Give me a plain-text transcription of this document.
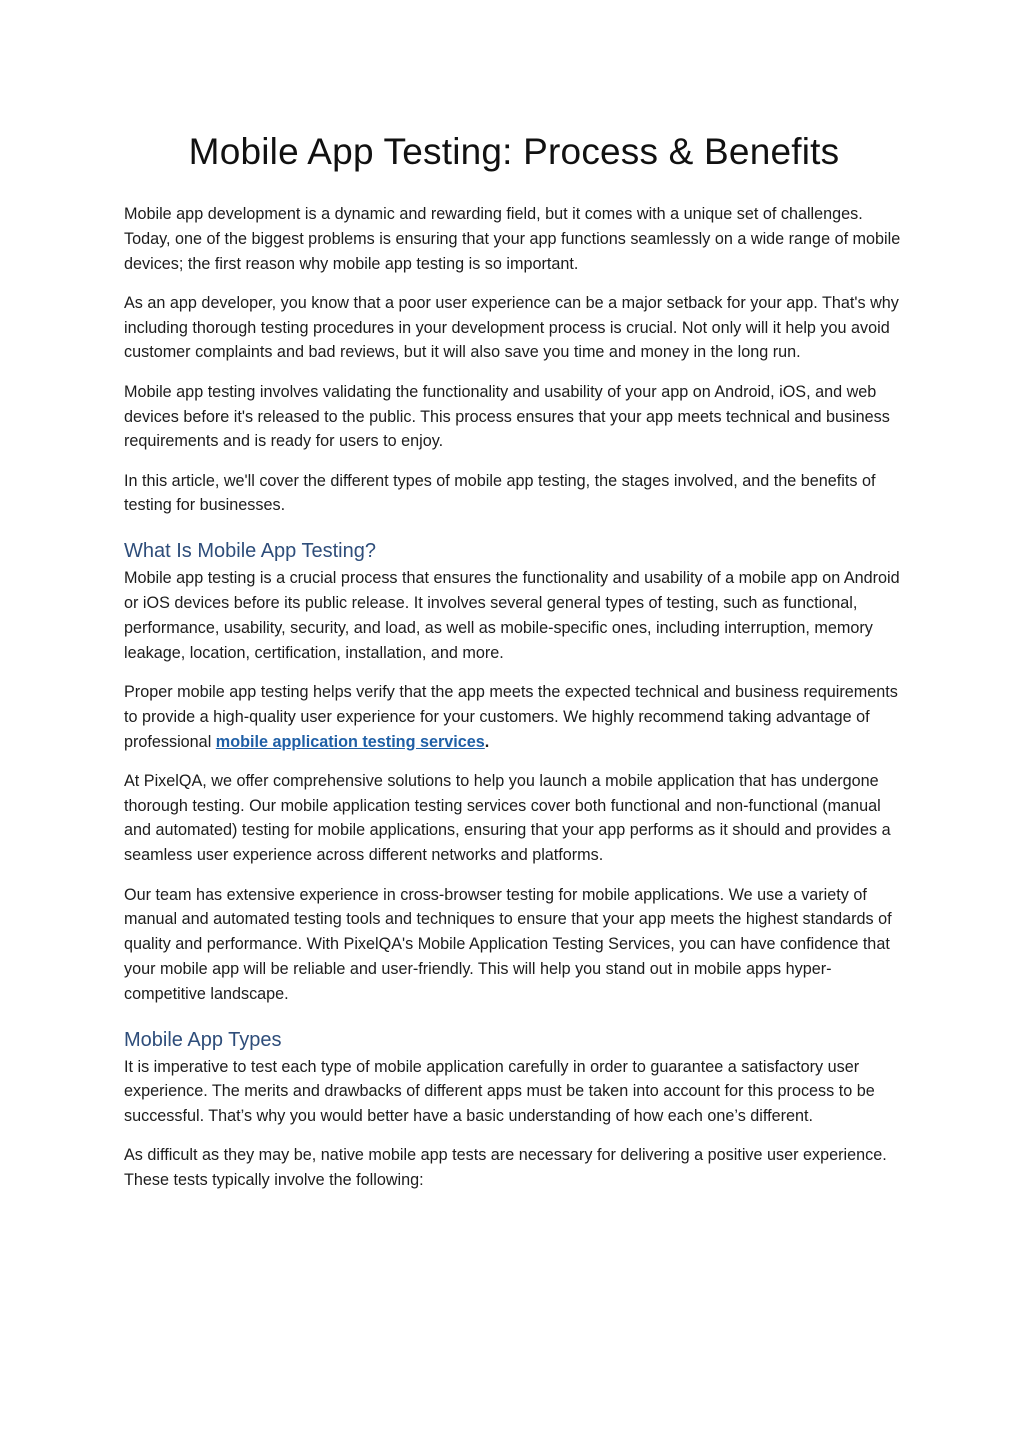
Mobile App Testing: Process & Benefits

Mobile app development is a dynamic and rewarding field, but it comes with a unique set of challenges. Today, one of the biggest problems is ensuring that your app functions seamlessly on a wide range of mobile devices; the first reason why mobile app testing is so important.

As an app developer, you know that a poor user experience can be a major setback for your app. That's why including thorough testing procedures in your development process is crucial. Not only will it help you avoid customer complaints and bad reviews, but it will also save you time and money in the long run.

Mobile app testing involves validating the functionality and usability of your app on Android, iOS, and web devices before it's released to the public. This process ensures that your app meets technical and business requirements and is ready for users to enjoy.

In this article, we'll cover the different types of mobile app testing, the stages involved, and the benefits of testing for businesses.

What Is Mobile App Testing?

Mobile app testing is a crucial process that ensures the functionality and usability of a mobile app on Android or iOS devices before its public release. It involves several general types of testing, such as functional, performance, usability, security, and load, as well as mobile-specific ones, including interruption, memory leakage, location, certification, installation, and more.

Proper mobile app testing helps verify that the app meets the expected technical and business requirements to provide a high-quality user experience for your customers. We highly recommend taking advantage of professional mobile application testing services.

At PixelQA, we offer comprehensive solutions to help you launch a mobile application that has undergone thorough testing. Our mobile application testing services cover both functional and non-functional (manual and automated) testing for mobile applications, ensuring that your app performs as it should and provides a seamless user experience across different networks and platforms.

Our team has extensive experience in cross-browser testing for mobile applications. We use a variety of manual and automated testing tools and techniques to ensure that your app meets the highest standards of quality and performance. With PixelQA's Mobile Application Testing Services, you can have confidence that your mobile app will be reliable and user-friendly. This will help you stand out in mobile apps hyper-competitive landscape.

Mobile App Types

It is imperative to test each type of mobile application carefully in order to guarantee a satisfactory user experience. The merits and drawbacks of different apps must be taken into account for this process to be successful. That’s why you would better have a basic understanding of how each one’s different.

As difficult as they may be, native mobile app tests are necessary for delivering a positive user experience. These tests typically involve the following:
